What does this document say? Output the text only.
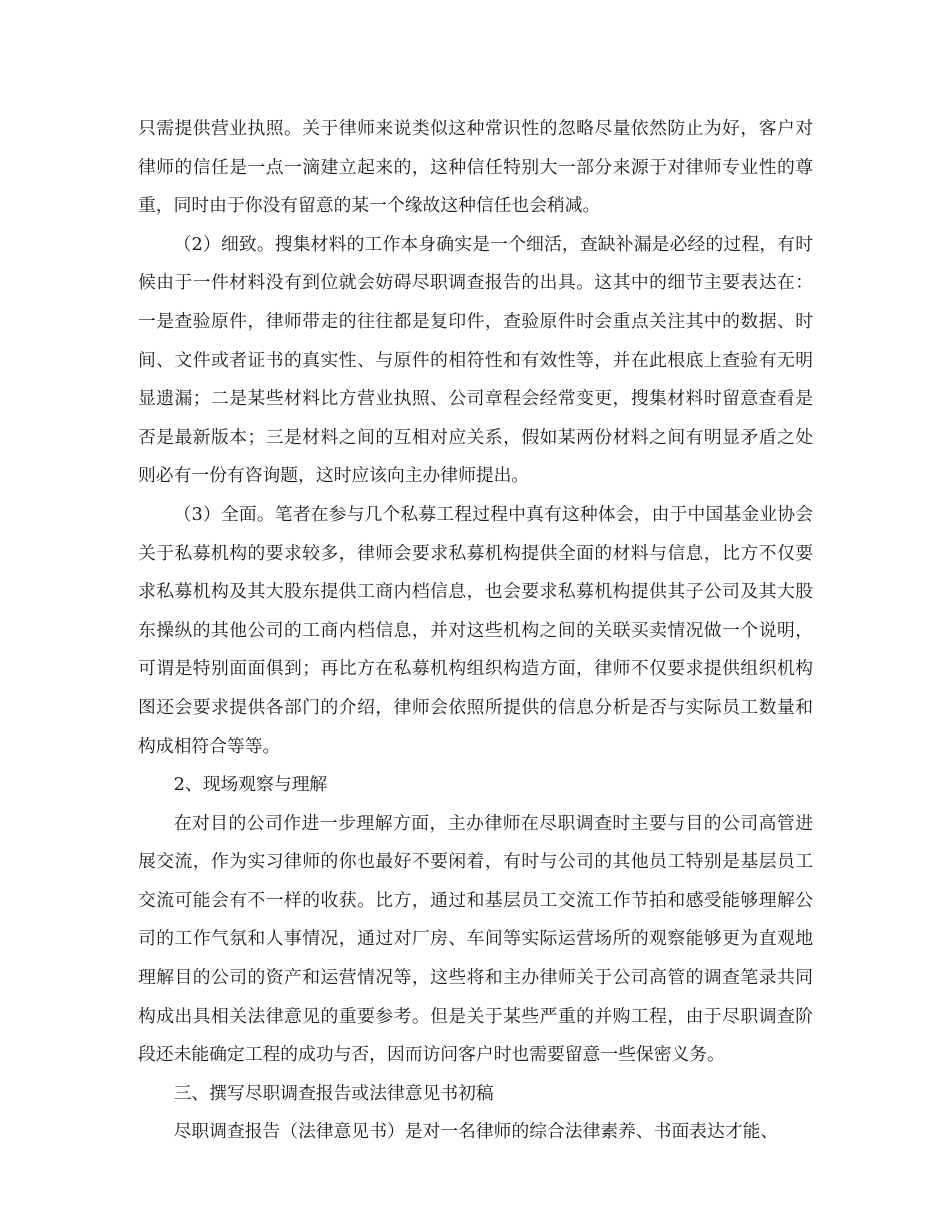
只需提供营业执照。关于律师来说类似这种常识性的忽略尽量依然防止为好，客户对律师的信任是一点一滴建立起来的，这种信任特别大一部分来源于对律师专业性的尊重，同时由于你没有留意的某一个缘故这种信任也会稍减。

（2）细致。搜集材料的工作本身确实是一个细活，查缺补漏是必经的过程，有时候由于一件材料没有到位就会妨碍尽职调查报告的出具。这其中的细节主要表达在：一是查验原件，律师带走的往往都是复印件，查验原件时会重点关注其中的数据、时间、文件或者证书的真实性、与原件的相符性和有效性等，并在此根底上查验有无明显遗漏；二是某些材料比方营业执照、公司章程会经常变更，搜集材料时留意查看是否是最新版本；三是材料之间的互相对应关系，假如某两份材料之间有明显矛盾之处则必有一份有咨询题，这时应该向主办律师提出。

（3）全面。笔者在参与几个私募工程过程中真有这种体会，由于中国基金业协会关于私募机构的要求较多，律师会要求私募机构提供全面的材料与信息，比方不仅要求私募机构及其大股东提供工商内档信息，也会要求私募机构提供其子公司及其大股东操纵的其他公司的工商内档信息，并对这些机构之间的关联买卖情况做一个说明，可谓是特别面面俱到；再比方在私募机构组织构造方面，律师不仅要求提供组织机构图还会要求提供各部门的介绍，律师会依照所提供的信息分析是否与实际员工数量和构成相符合等等。

2、现场观察与理解

在对目的公司作进一步理解方面，主办律师在尽职调查时主要与目的公司高管进展交流，作为实习律师的你也最好不要闲着，有时与公司的其他员工特别是基层员工交流可能会有不一样的收获。比方，通过和基层员工交流工作节拍和感受能够理解公司的工作气氛和人事情况，通过对厂房、车间等实际运营场所的观察能够更为直观地理解目的公司的资产和运营情况等，这些将和主办律师关于公司高管的调查笔录共同构成出具相关法律意见的重要参考。但是关于某些严重的并购工程，由于尽职调查阶段还未能确定工程的成功与否，因而访问客户时也需要留意一些保密义务。

三、撰写尽职调查报告或法律意见书初稿

尽职调查报告（法律意见书）是对一名律师的综合法律素养、书面表达才能、
